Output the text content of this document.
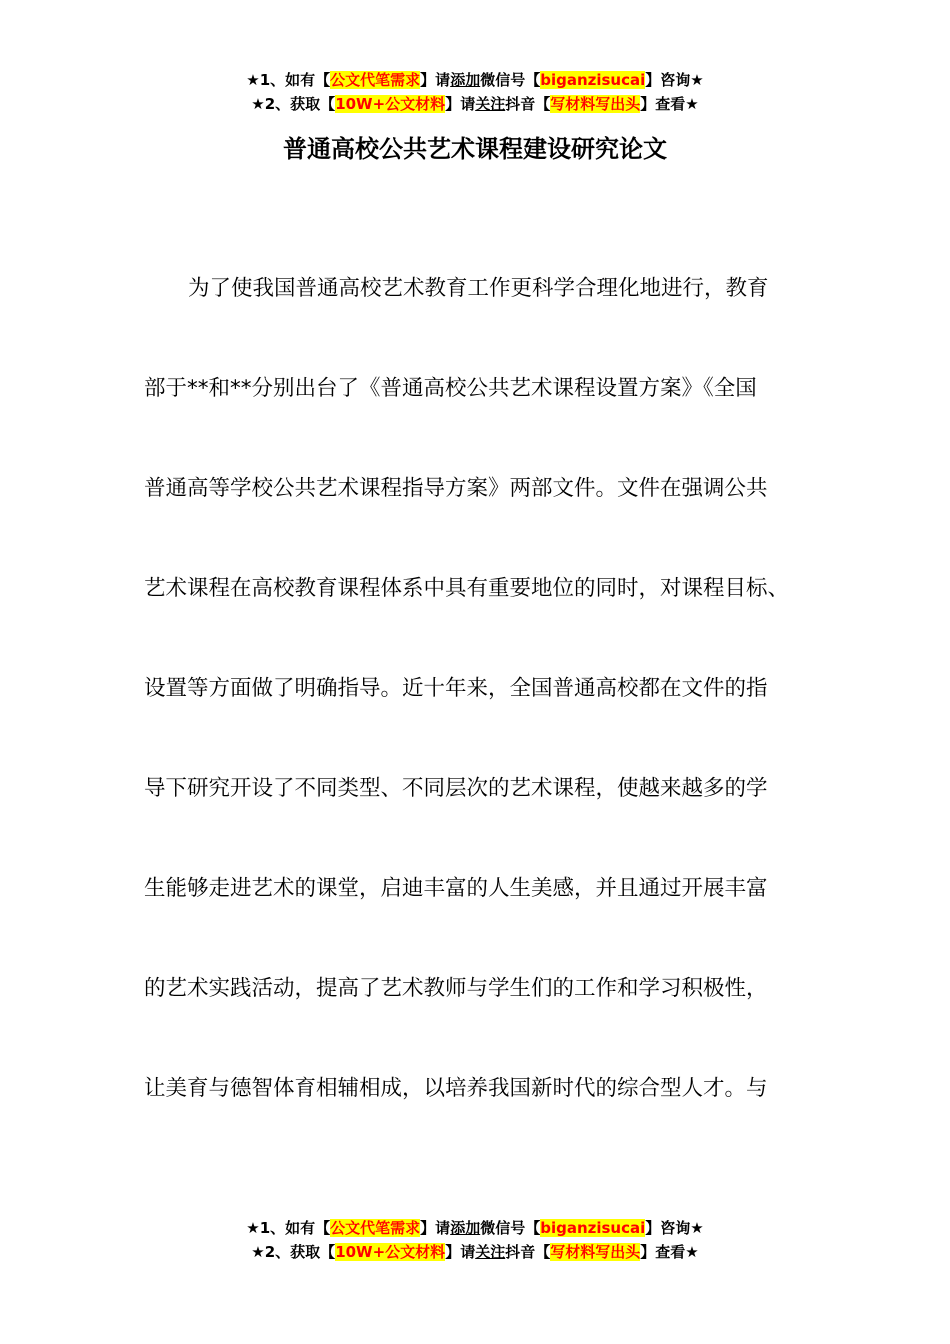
★1、如有【公文代笔需求】请添加微信号【biganzisucai】咨询★
★2、获取【10W+公文材料】请关注抖音【写材料写出头】查看★
普通高校公共艺术课程建设研究论文
为了使我国普通高校艺术教育工作更科学合理化地进行，教育
部于**和**分别出台了《普通高校公共艺术课程设置方案》《全国
普通高等学校公共艺术课程指导方案》两部文件。文件在强调公共
艺术课程在高校教育课程体系中具有重要地位的同时，对课程目标、
设置等方面做了明确指导。近十年来，全国普通高校都在文件的指
导下研究开设了不同类型、不同层次的艺术课程，使越来越多的学
生能够走进艺术的课堂，启迪丰富的人生美感，并且通过开展丰富
的艺术实践活动，提高了艺术教师与学生们的工作和学习积极性，
让美育与德智体育相辅相成，以培养我国新时代的综合型人才。与
★1、如有【公文代笔需求】请添加微信号【biganzisucai】咨询★
★2、获取【10W+公文材料】请关注抖音【写材料写出头】查看★
